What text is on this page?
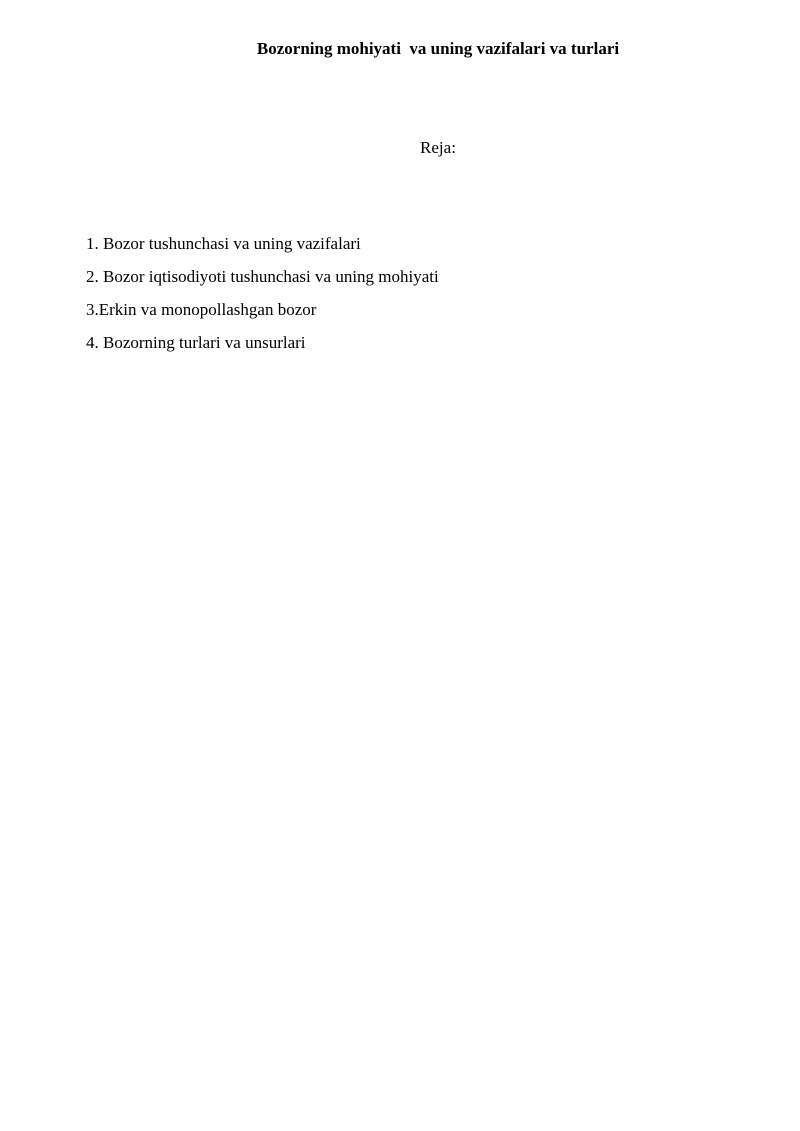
Bozorning mohiyati  va uning vazifalari va turlari
Reja:
1. Bozor tushunchasi va uning vazifalari
2. Bozor iqtisodiyoti tushunchasi va uning mohiyati
3.Erkin va monopollashgan bozor
4. Bozorning turlari va unsurlari
